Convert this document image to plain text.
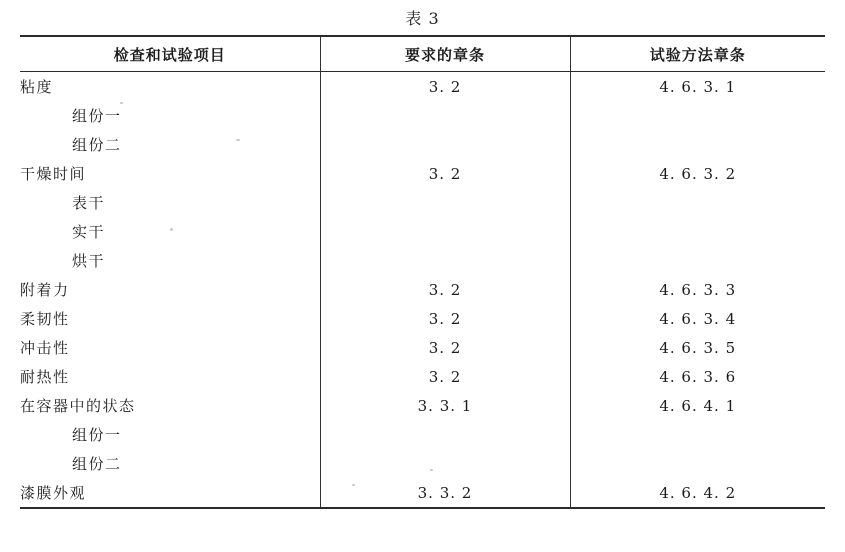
表 3
检查和试验项目	要求的章条	试验方法章条
粘度	3. 2	4. 6. 3. 1
组份一		
组份二		
干燥时间	3. 2	4. 6. 3. 2
表干		
实干		
烘干		
附着力	3. 2	4. 6. 3. 3
柔韧性	3. 2	4. 6. 3. 4
冲击性	3. 2	4. 6. 3. 5
耐热性	3. 2	4. 6. 3. 6
在容器中的状态	3. 3. 1	4. 6. 4. 1
组份一		
组份二		
漆膜外观	3. 3. 2	4. 6. 4. 2
